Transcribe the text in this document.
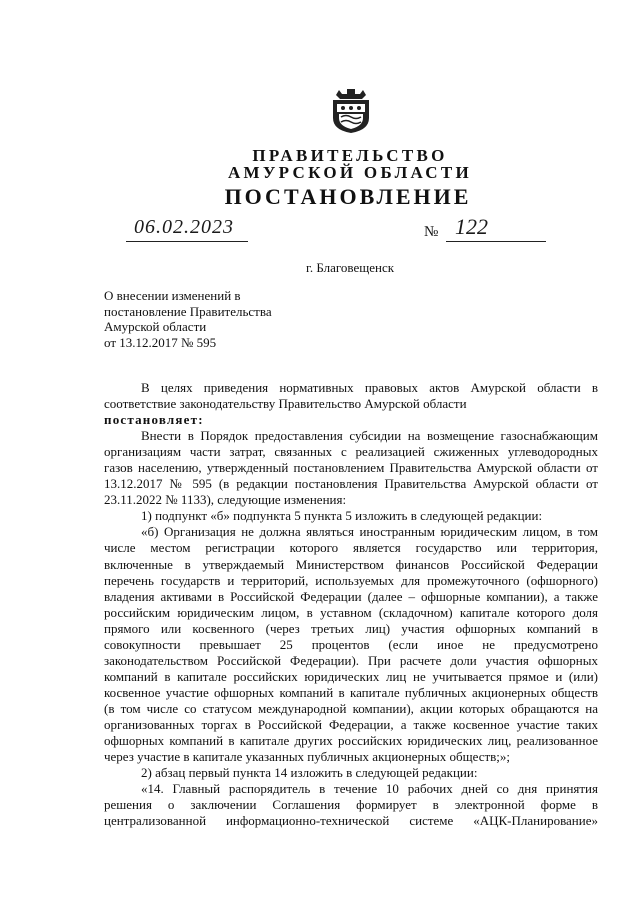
ПРАВИТЕЛЬСТВО
АМУРСКОЙ ОБЛАСТИ
ПОСТАНОВЛЕНИЕ
06.02.2023	№ 122
г. Благовещенск
О внесении изменений в
постановление Правительства
Амурской области
от 13.12.2017 № 595

В целях приведения нормативных правовых актов Амурской области в

соответствие законодательству Правительство Амурской области

постановляет:

Внести в Порядок предоставления субсидии на возмещение газоснабжающим

организациям части затрат, связанных с реализацией сжиженных углеводородных

газов населению, утвержденный постановлением Правительства Амурской области от

13.12.2017 № 595 (в редакции постановления Правительства Амурской области от

23.11.2022 № 1133), следующие изменения:

1) подпункт «б» подпункта 5 пункта 5 изложить в следующей редакции:

«б) Организация не должна являться иностранным юридическим лицом, в том

числе местом регистрации которого является государство или территория,

включенные в утверждаемый Министерством финансов Российской Федерации

перечень государств и территорий, используемых для промежуточного (офшорного)

владения активами в Российской Федерации (далее – офшорные компании), а также

российским юридическим лицом, в уставном (складочном) капитале которого доля

прямого или косвенного (через третьих лиц) участия офшорных компаний в

совокупности превышает 25 процентов (если иное не предусмотрено

законодательством Российской Федерации). При расчете доли участия офшорных

компаний в капитале российских юридических лиц не учитывается прямое и (или)

косвенное участие офшорных компаний в капитале публичных акционерных обществ

(в том числе со статусом международной компании), акции которых обращаются на

организованных торгах в Российской Федерации, а также косвенное участие таких

офшорных компаний в капитале других российских юридических лиц, реализованное

через участие в капитале указанных публичных акционерных обществ;»;

2) абзац первый пункта 14 изложить в следующей редакции:

«14. Главный распорядитель в течение 10 рабочих дней со дня принятия

решения о заключении Соглашения формирует в электронной форме в

централизованной информационно-технической системе «АЦК-Планирование»
